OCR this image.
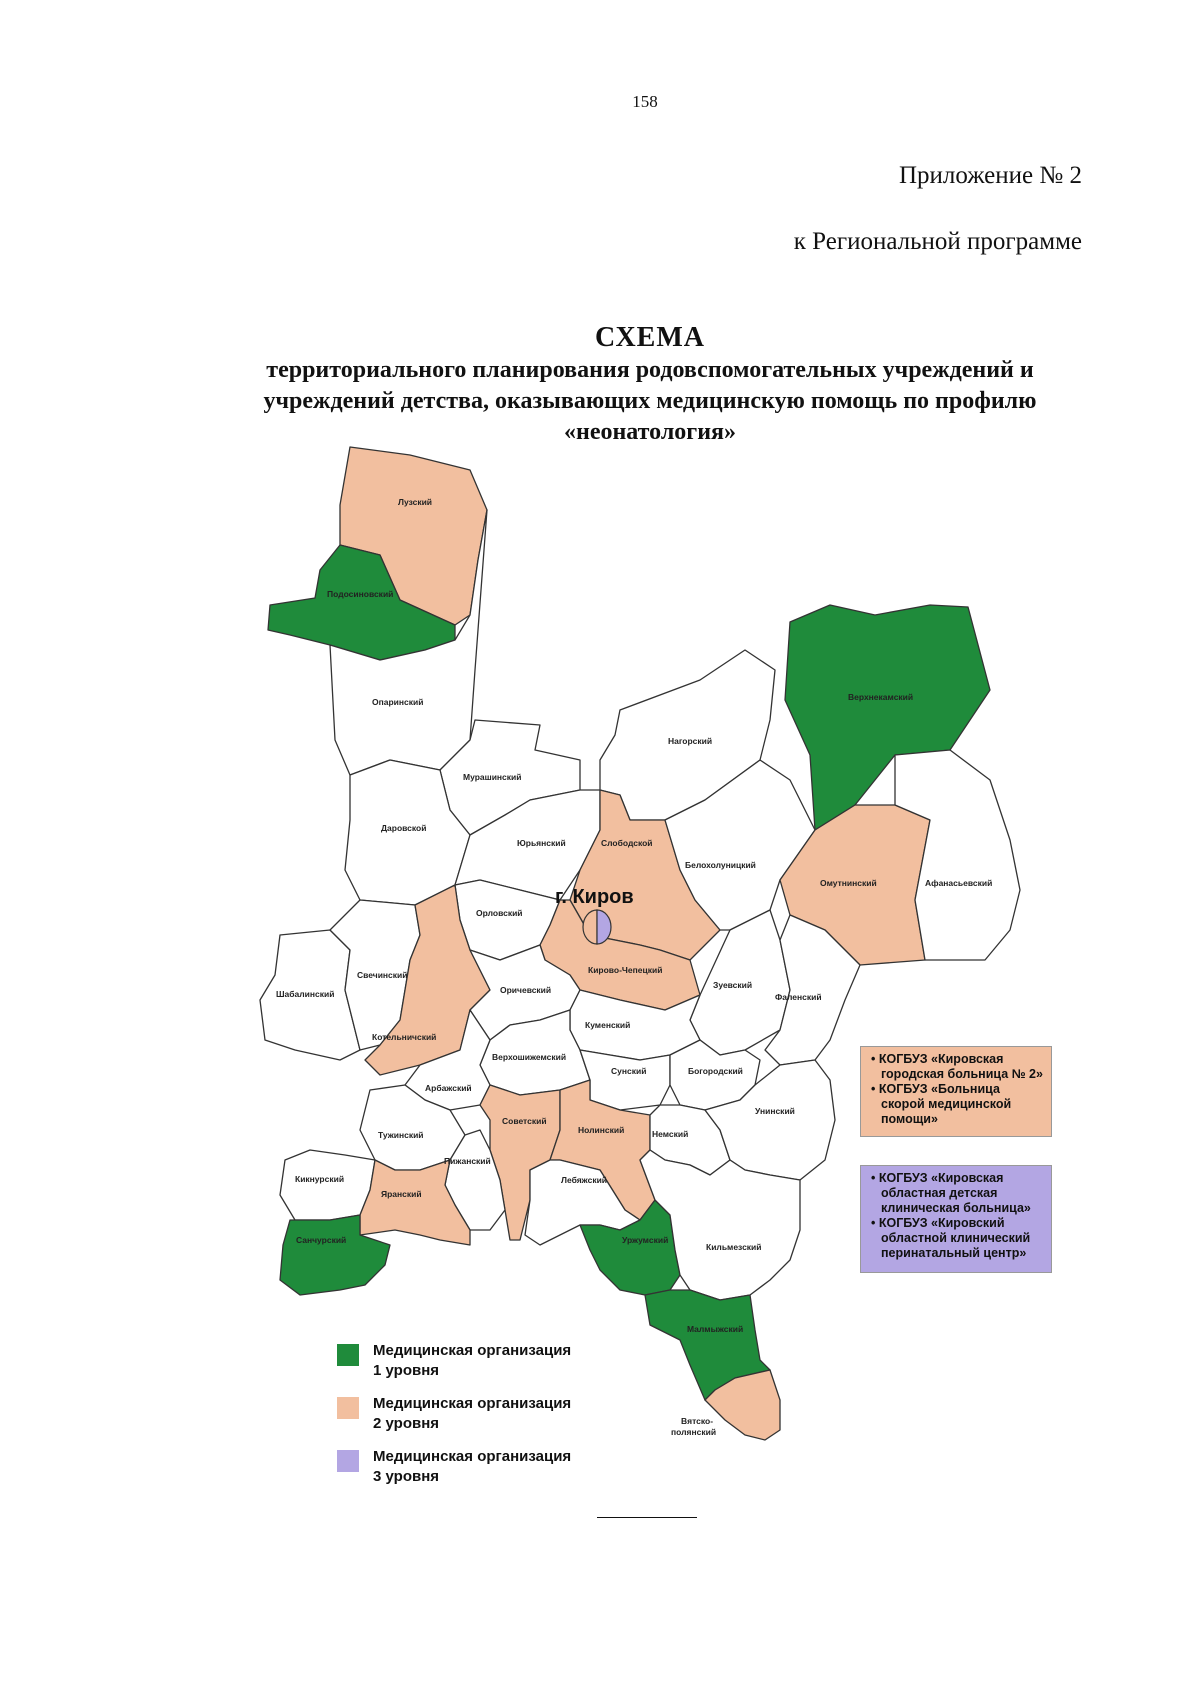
158
Приложение № 2
к Региональной программе
СХЕМА
территориального планирования родовспомогательных учреждений и
учреждений детства, оказывающих медицинскую помощь по профилю
«неонатология»
г. Киров
Лузский
Подосиновский
Опаринский	Верхнекамский
Нагорский
Мурашинский
Даровской
Юрьянский	Слободской
Белохолуницкий
Омутнинский	Афанасьевский
Орловский
Свечинский
Шабалинский
Кирово-Чепецкий
Оричевский	Зуевский
Фаленский
Куменский
Котельничский
Верхошижемский
Сунский	Богородский
Арбажский
Унинский
Советский
Нолинский	Немский
Тужинский
Пижанский
Кикнурский	Лебяжский
Яранский
Уржумский
Кильмезский
Санчурский
Малмыжский
Вятско-
полянский
• КОГБУЗ «Кировская городская больница № 2»
• КОГБУЗ «Больница скорой медицинской помощи»
• КОГБУЗ «Кировская областная детская клиническая больница»
• КОГБУЗ «Кировский областной клинический перинатальный центр»
Медицинская организация
1 уровня
Медицинская организация
2 уровня
Медицинская организация
3 уровня
